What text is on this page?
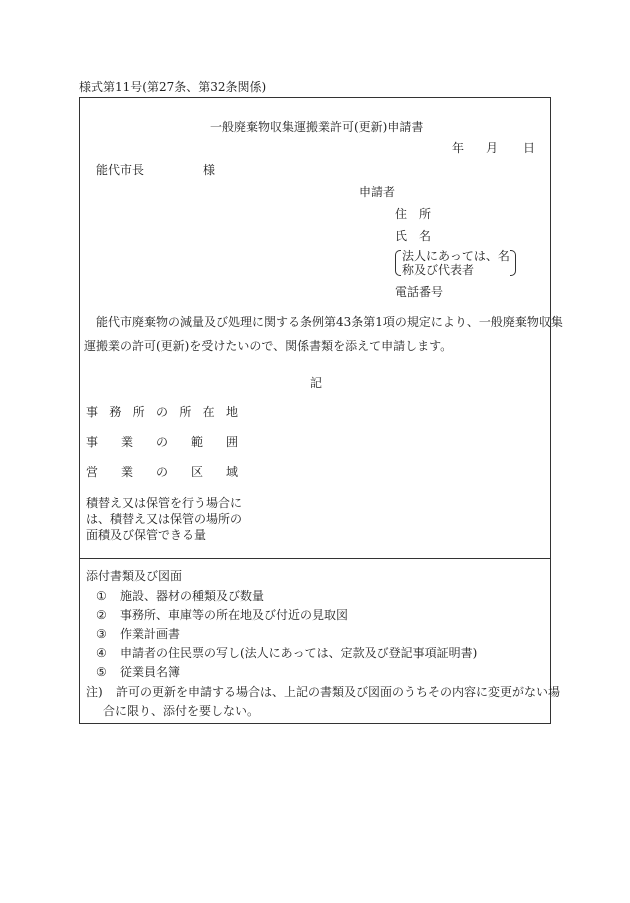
様式第11号(第27条、第32条関係)
一般廃棄物収集運搬業許可(更新)申請書
年 月 日
能代市長	様
申請者
住　所
氏　名
法人にあっては、名
称及び代表者
電話番号
能代市廃棄物の減量及び処理に関する条例第43条第1項の規定により、一般廃棄物収集
運搬業の許可(更新)を受けたいので、関係書類を添えて申請します。
記
事 務 所 の 所 在 地
事 業 の 範 囲
営 業 の 区 域
積替え又は保管を行う場合に
は、積替え又は保管の場所の
面積及び保管できる量
添付書類及び図面
① 施設、器材の種類及び数量
② 事務所、車庫等の所在地及び付近の見取図
③ 作業計画書
④ 申請者の住民票の写し(法人にあっては、定款及び登記事項証明書)
⑤ 従業員名簿
注) 許可の更新を申請する場合は、上記の書類及び図面のうちその内容に変更がない場
合に限り、添付を要しない。
